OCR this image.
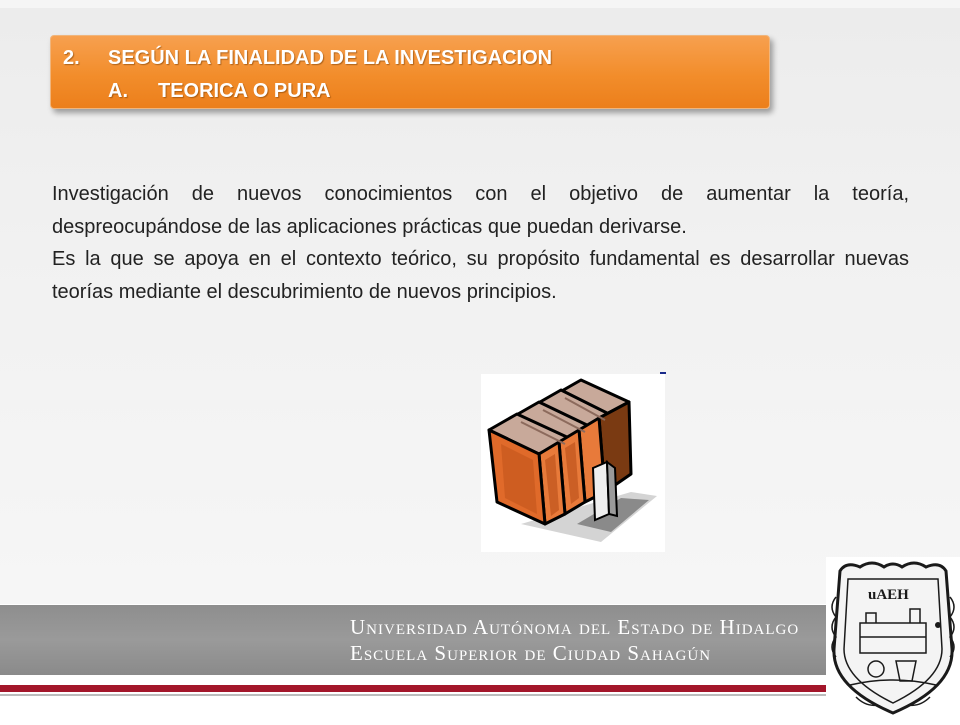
2. SEGÚN LA FINALIDAD DE LA INVESTIGACION
A. TEORICA O PURA

Investigación de nuevos conocimientos con el objetivo de aumentar la teoría, despreocupándose de las aplicaciones prácticas que puedan derivarse.

Es la que se apoya en el contexto teórico, su propósito fundamental es desarrollar nuevas teorías mediante el descubrimiento de nuevos principios.

Universidad Autónoma del Estado de Hidalgo
Escuela Superior de Ciudad Sahagún
uAEH
